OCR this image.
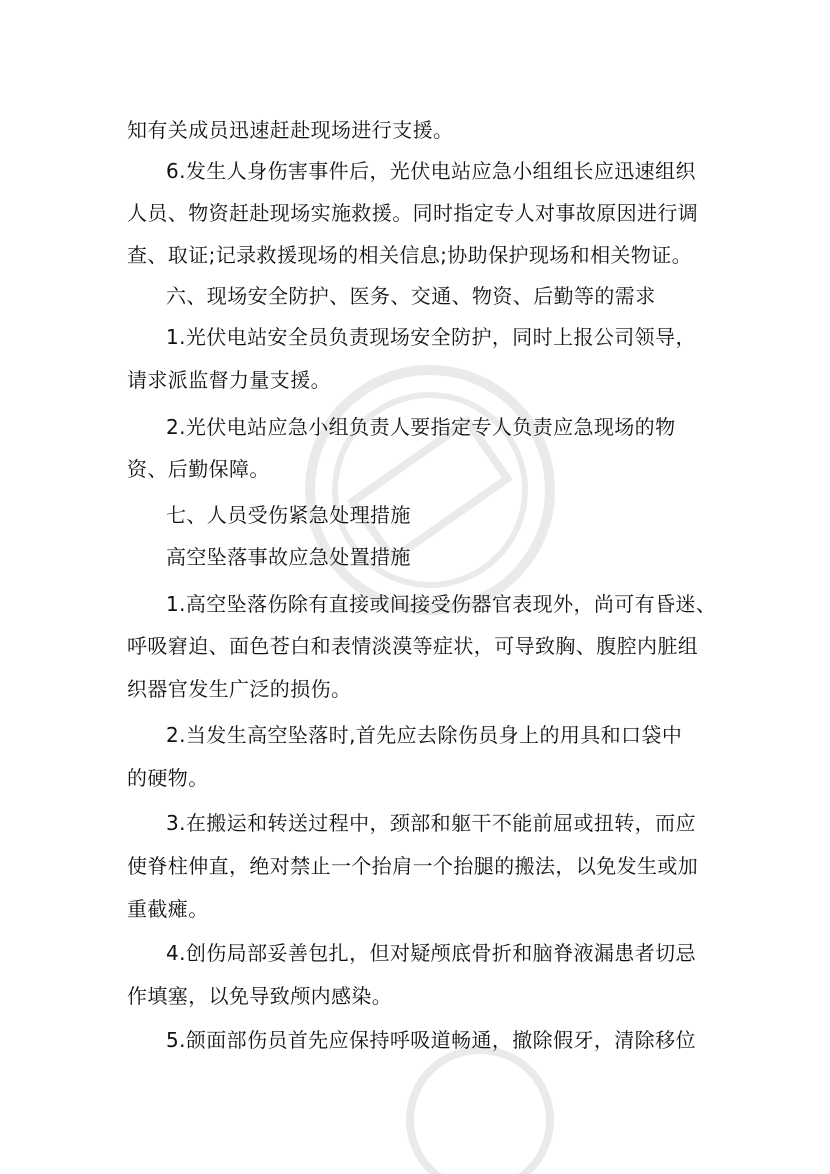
知有关成员迅速赶赴现场进行支援。
6.发生人身伤害事件后，光伏电站应急小组组长应迅速组织
人员、物资赶赴现场实施救援。同时指定专人对事故原因进行调
查、取证;记录救援现场的相关信息;协助保护现场和相关物证。
六、现场安全防护、医务、交通、物资、后勤等的需求
1.光伏电站安全员负责现场安全防护，同时上报公司领导，
请求派监督力量支援。
2.光伏电站应急小组负责人要指定专人负责应急现场的物
资、后勤保障。
七、人员受伤紧急处理措施
高空坠落事故应急处置措施
1.高空坠落伤除有直接或间接受伤器官表现外，尚可有昏迷、
呼吸窘迫、面色苍白和表情淡漠等症状，可导致胸、腹腔内脏组
织器官发生广泛的损伤。
2.当发生高空坠落时,首先应去除伤员身上的用具和口袋中
的硬物。
3.在搬运和转送过程中，颈部和躯干不能前屈或扭转，而应
使脊柱伸直，绝对禁止一个抬肩一个抬腿的搬法，以免发生或加
重截瘫。
4.创伤局部妥善包扎，但对疑颅底骨折和脑脊液漏患者切忌
作填塞，以免导致颅内感染。
5.颌面部伤员首先应保持呼吸道畅通，撤除假牙，清除移位
